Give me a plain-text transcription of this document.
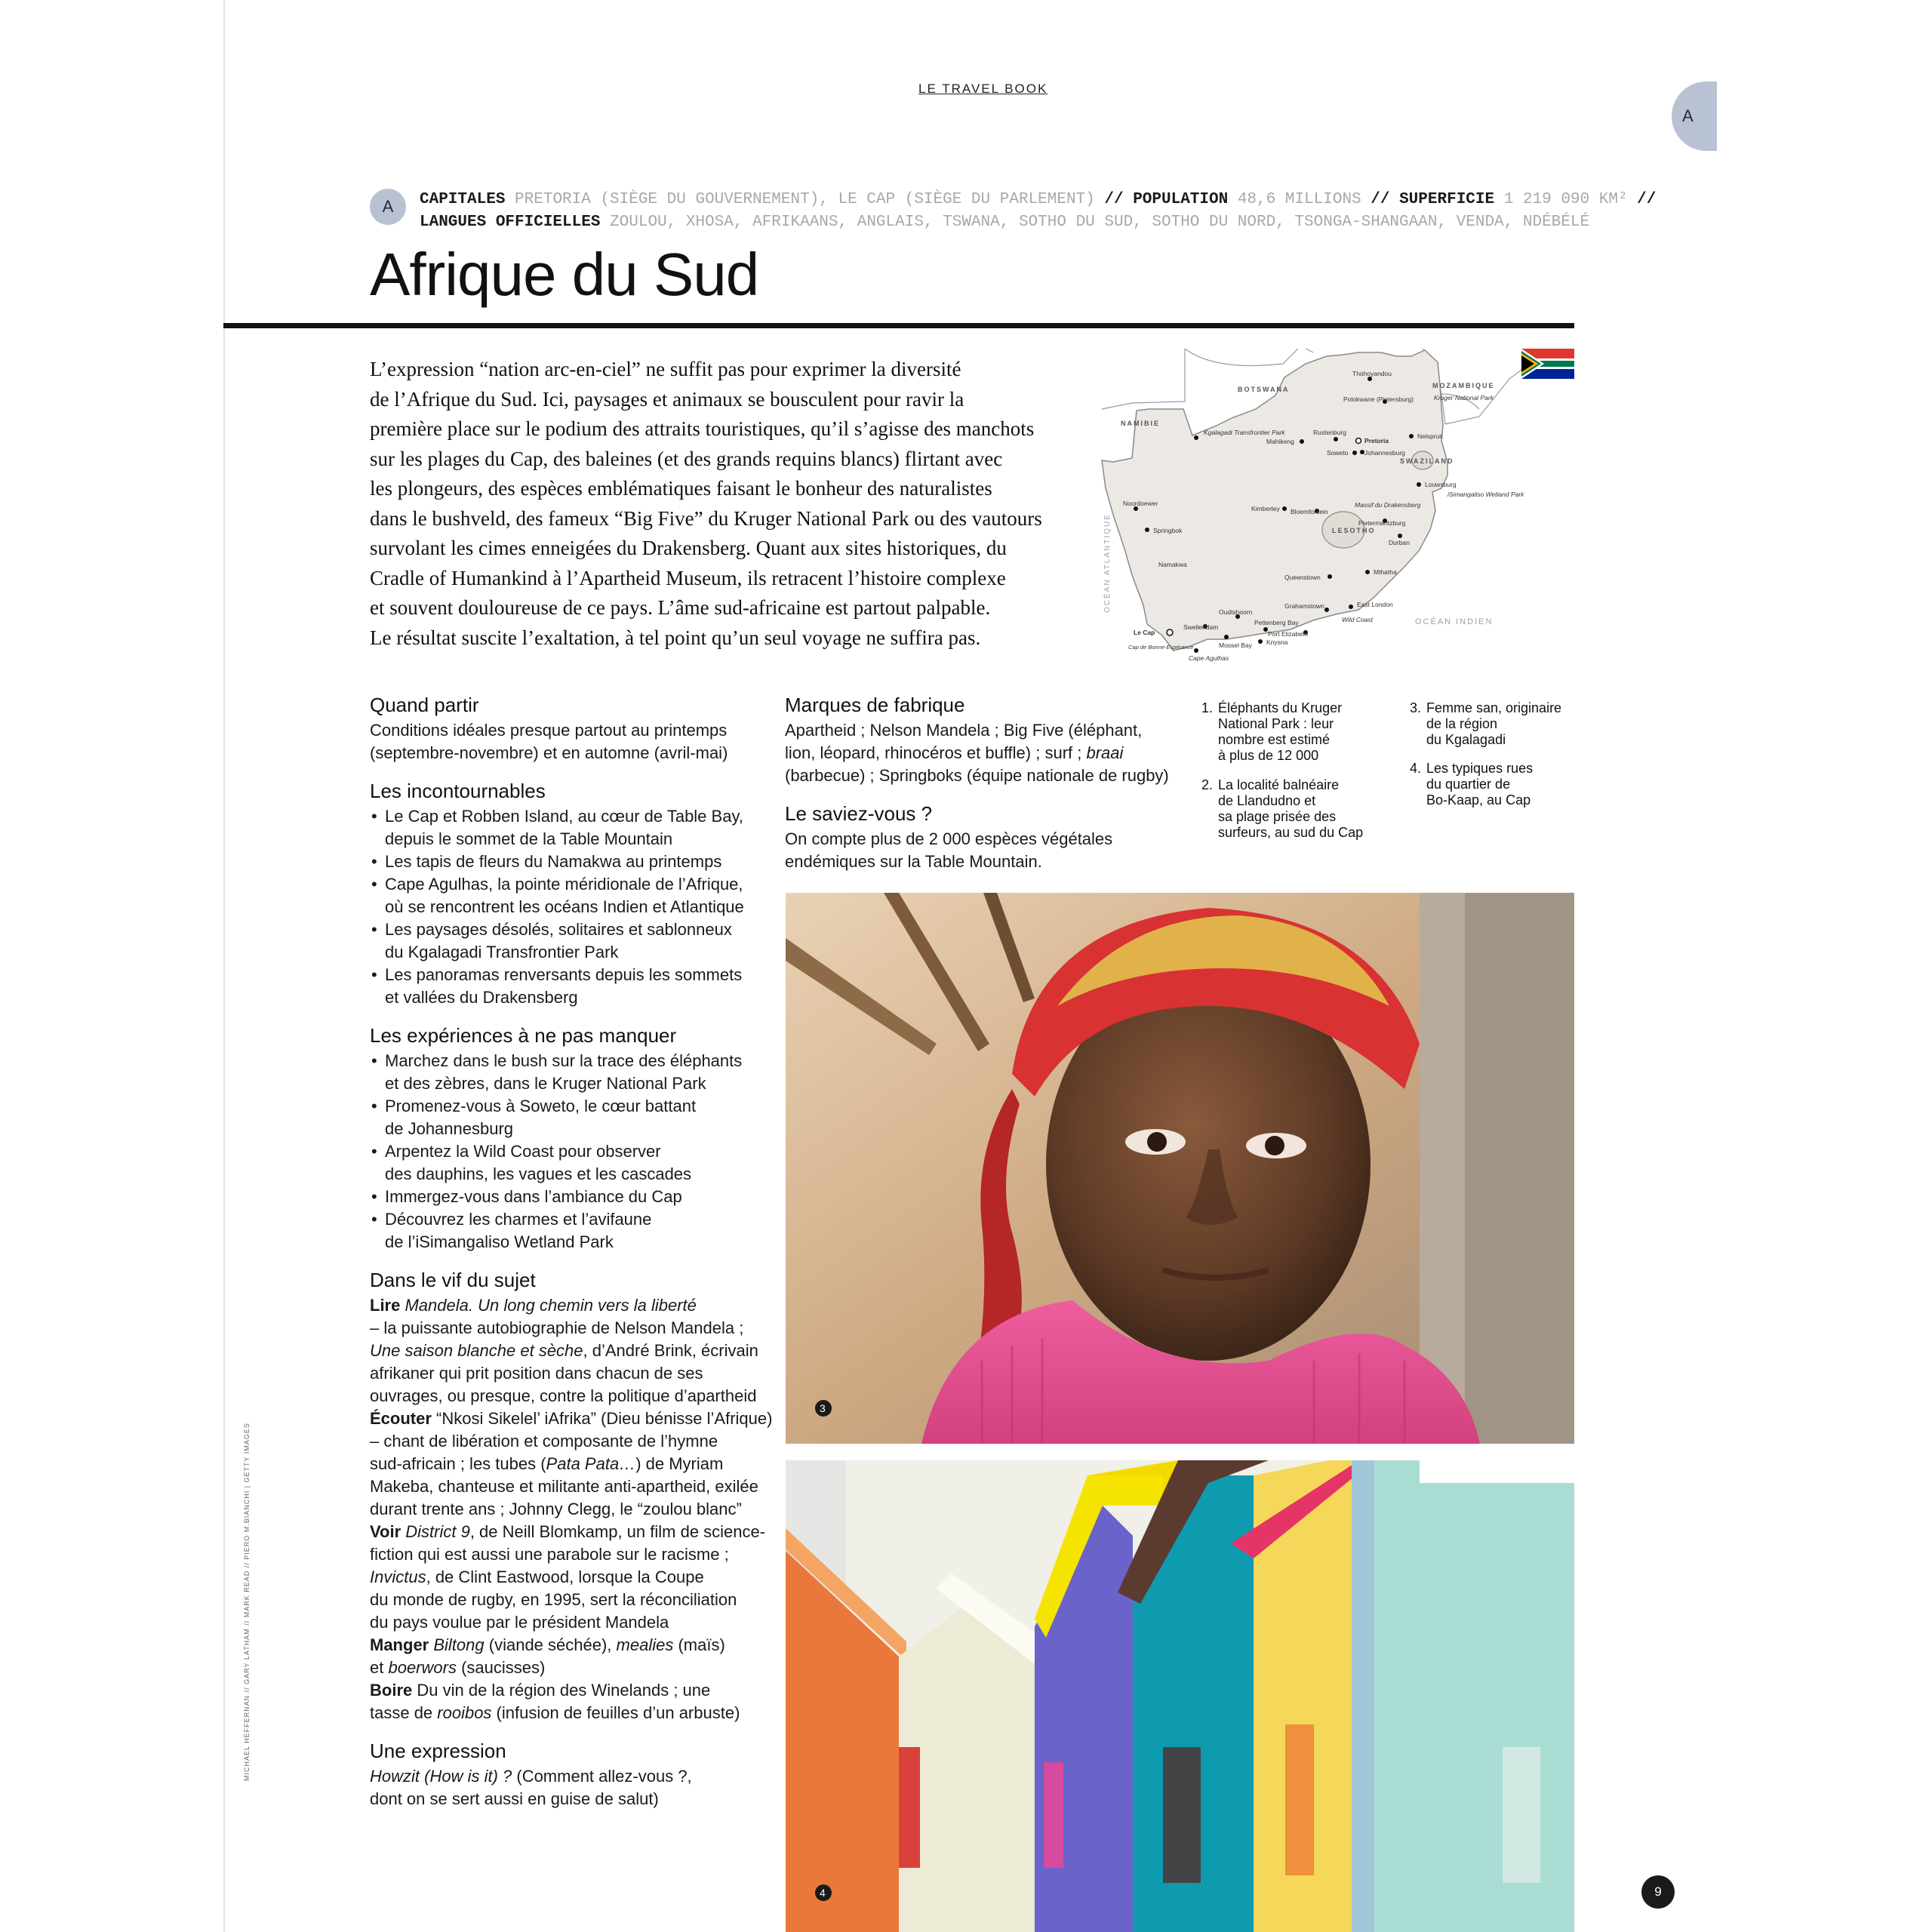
LE TRAVEL BOOK
A
A	CAPITALES PRETORIA (SIÈGE DU GOUVERNEMENT), LE CAP (SIÈGE DU PARLEMENT) // POPULATION 48,6 MILLIONS // SUPERFICIE 1 219 090 KM² //
LANGUES OFFICIELLES ZOULOU, XHOSA, AFRIKAANS, ANGLAIS, TSWANA, SOTHO DU SUD, SOTHO DU NORD, TSONGA-SHANGAAN, VENDA, NDÉBÉLÉ
Afrique du Sud
L’expression “nation arc-en-ciel” ne suffit pas pour exprimer la diversité
de l’Afrique du Sud. Ici, paysages et animaux se bousculent pour ravir la
première place sur le podium des attraits touristiques, qu’il s’agisse des manchots
sur les plages du Cap, des baleines (et des grands requins blancs) flirtant avec
les plongeurs, des espèces emblématiques faisant le bonheur des naturalistes
dans le bushveld, des fameux “Big Five” du Kruger National Park ou des vautours
survolant les cimes enneigées du Drakensberg. Quant aux sites historiques, du
Cradle of Humankind à l’Apartheid Museum, ils retracent l’histoire complexe
et souvent douloureuse de ce pays. L’âme sud-africaine est partout palpable.
Le résultat suscite l’exaltation, à tel point qu’un seul voyage ne suffira pas.
BOTSWANA
NAMIBIE
MOZAMBIQUE
SWAZILAND
LESOTHO
OCÉAN ATLANTIQUE
OCÉAN INDIEN
Thohoyandou
Polokwane (Pietersburg)	Kruger National Park
Kgalagadi Transfrontier Park
Mahikeng
Rustenburg
Pretoria
Nelspruit
Soweto	Johannesburg
Louwsburg
iSimangaliso Wetland Park
Noordoewer
Kimberley Bloemfontein
Massif du Drakensberg
Springbok
Pietermaritzburg
Durban
Namakwa
Mthatha
Queenstown
East London
Oudtshoorn
Grahamstown
Wild Coast
Swellendam
Pettenberg Bay
Le Cap
Mossel Bay
Port Elizabeth
Knysna
Cap de Bonne-Espérance
Cape Agulhas
Quand partir
Conditions idéales presque partout au printemps
(septembre-novembre) et en automne (avril-mai)
Les incontournables
• Le Cap et Robben Island, au cœur de Table Bay,
depuis le sommet de la Table Mountain
• Les tapis de fleurs du Namakwa au printemps
• Cape Agulhas, la pointe méridionale de l’Afrique,
où se rencontrent les océans Indien et Atlantique
• Les paysages désolés, solitaires et sablonneux
du Kgalagadi Transfrontier Park
• Les panoramas renversants depuis les sommets
et vallées du Drakensberg
Les expériences à ne pas manquer
• Marchez dans le bush sur la trace des éléphants
et des zèbres, dans le Kruger National Park
• Promenez-vous à Soweto, le cœur battant
de Johannesburg
• Arpentez la Wild Coast pour observer
des dauphins, les vagues et les cascades
• Immergez-vous dans l’ambiance du Cap
• Découvrez les charmes et l’avifaune
de l’iSimangaliso Wetland Park
Dans le vif du sujet
Lire Mandela. Un long chemin vers la liberté
– la puissante autobiographie de Nelson Mandela ;
Une saison blanche et sèche, d’André Brink, écrivain
afrikaner qui prit position dans chacun de ses
ouvrages, ou presque, contre la politique d’apartheid
Écouter “Nkosi Sikelel’ iAfrika” (Dieu bénisse l’Afrique)
– chant de libération et composante de l’hymne
sud-africain ; les tubes (Pata Pata…) de Myriam
Makeba, chanteuse et militante anti-apartheid, exilée
durant trente ans ; Johnny Clegg, le “zoulou blanc”
Voir District 9, de Neill Blomkamp, un film de science-
fiction qui est aussi une parabole sur le racisme ;
Invictus, de Clint Eastwood, lorsque la Coupe
du monde de rugby, en 1995, sert la réconciliation
du pays voulue par le président Mandela
Manger Biltong (viande séchée), mealies (maïs)
et boerwors (saucisses)
Boire Du vin de la région des Winelands ; une
tasse de rooibos (infusion de feuilles d’un arbuste)
Une expression
Howzit (How is it) ? (Comment allez-vous ?,
dont on se sert aussi en guise de salut)
Marques de fabrique
Apartheid ; Nelson Mandela ; Big Five (éléphant,
lion, léopard, rhinocéros et buffle) ; surf ; braai
(barbecue) ; Springboks (équipe nationale de rugby)
Le saviez-vous ?
On compte plus de 2 000 espèces végétales
endémiques sur la Table Mountain.
1. Éléphants du Kruger
National Park : leur
nombre est estimé
à plus de 12 000
2. La localité balnéaire
de Llandudno et
sa plage prisée des
surfeurs, au sud du Cap
3. Femme san, originaire
de la région
du Kgalagadi
4. Les typiques rues
du quartier de
Bo-Kaap, au Cap
3
4
MICHAEL HEFFERNAN // GARY LATHAM // MARK READ // PIERO M.BIANCHI | GETTY IMAGES
9
